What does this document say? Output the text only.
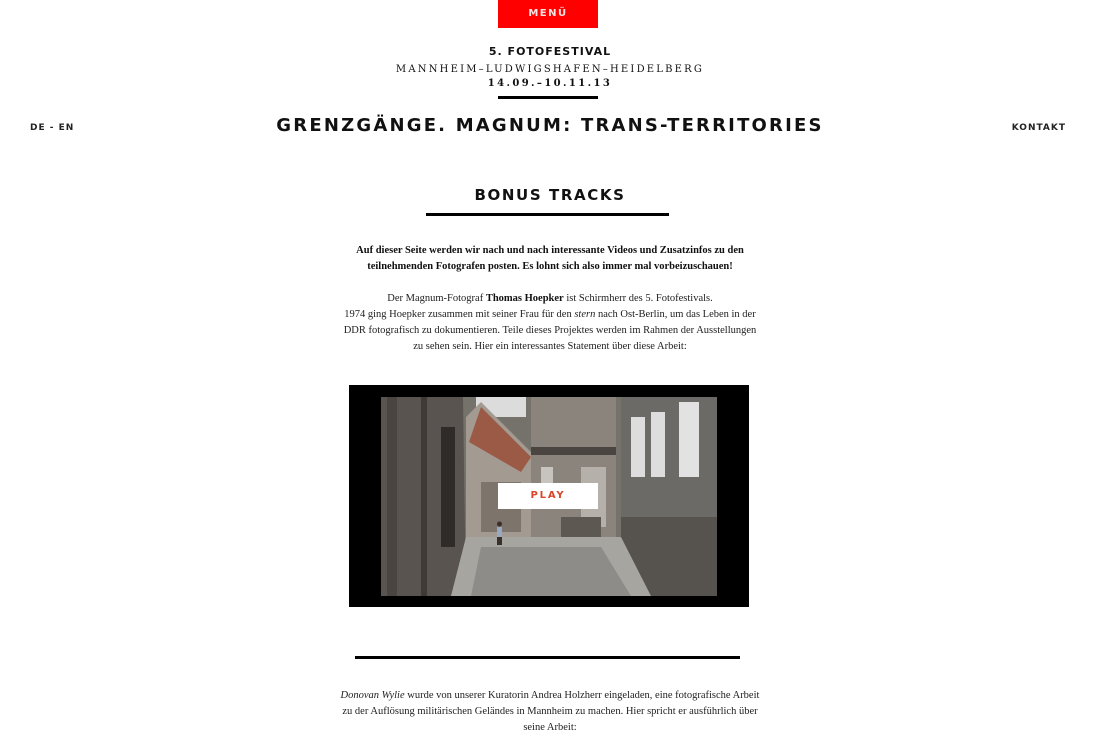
MENÜ
5. FOTOFESTIVAL
MANNHEIM–LUDWIGSHAFEN–HEIDELBERG
14.09.–10.11.13
DE - EN	GRENZGÄNGE. MAGNUM: TRANS-TERRITORIES	KONTAKT
BONUS TRACKS

Auf dieser Seite werden wir nach und nach interessante Videos und Zusatzinfos zu den teilnehmenden Fotografen posten. Es lohnt sich also immer mal vorbeizuschauen!

Der Magnum-Fotograf Thomas Hoepker ist Schirmherr des 5. Fotofestivals.
1974 ging Hoepker zusammen mit seiner Frau für den stern nach Ost-Berlin, um das Leben in der DDR fotografisch zu dokumentieren. Teile dieses Projektes werden im Rahmen der Ausstellungen zu sehen sein. Hier ein interessantes Statement über diese Arbeit:

PLAY

Donovan Wylie wurde von unserer Kuratorin Andrea Holzherr eingeladen, eine fotografische Arbeit zu der Auflösung militärischen Geländes in Mannheim zu machen. Hier spricht er ausführlich über seine Arbeit:
